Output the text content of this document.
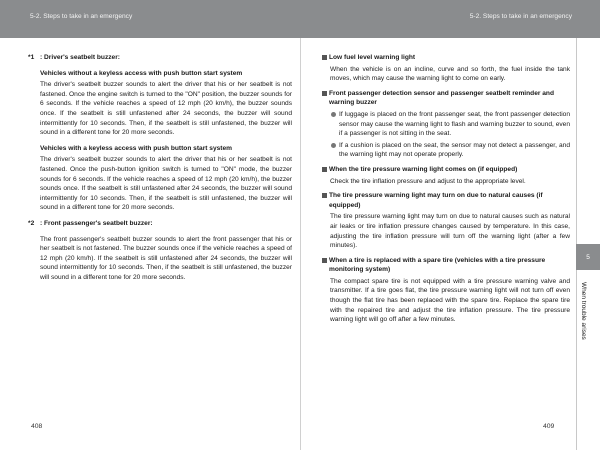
5-2. Steps to take in an emergency	5-2. Steps to take in an emergency
5
When trouble arises
*1 : Driver's seatbelt buzzer:
Vehicles without a keyless access with push button start system
The driver's seatbelt buzzer sounds to alert the driver that his or her seatbelt is not fastened. Once the engine switch is turned to the "ON" position, the buzzer sounds for 6 seconds. If the vehicle reaches a speed of 12 mph (20 km/h), the buzzer sounds once. If the seatbelt is still unfastened after 24 seconds, the buzzer will sound intermittently for 10 seconds. Then, if the seatbelt is still unfastened, the buzzer will sound in a different tone for 20 more seconds.
Vehicles with a keyless access with push button start system
The driver's seatbelt buzzer sounds to alert the driver that his or her seatbelt is not fastened. Once the push-button ignition switch is turned to "ON" mode, the buzzer sounds for 6 seconds. If the vehicle reaches a speed of 12 mph (20 km/h), the buzzer sounds once. If the seatbelt is still unfastened after 24 seconds, the buzzer will sound intermittently for 10 seconds. Then, if the seatbelt is still unfastened, the buzzer will sound in a different tone for 20 more seconds.
*2 : Front passenger's seatbelt buzzer:
The front passenger's seatbelt buzzer sounds to alert the front passenger that his or her seatbelt is not fastened. The buzzer sounds once if the vehicle reaches a speed of 12 mph (20 km/h). If the seatbelt is still unfastened after 24 seconds, the buzzer will sound intermittently for 10 seconds. Then, if the seatbelt is still unfastened, the buzzer will sound in a different tone for 20 more seconds.
Low fuel level warning light
When the vehicle is on an incline, curve and so forth, the fuel inside the tank moves, which may cause the warning light to come on early.
Front passenger detection sensor and passenger seatbelt reminder and warning buzzer
If luggage is placed on the front passenger seat, the front passenger detection sensor may cause the warning light to flash and warning buzzer to sound, even if a passenger is not sitting in the seat.
If a cushion is placed on the seat, the sensor may not detect a passenger, and the warning light may not operate properly.
When the tire pressure warning light comes on (if equipped)
Check the tire inflation pressure and adjust to the appropriate level.
The tire pressure warning light may turn on due to natural causes (if equipped)
The tire pressure warning light may turn on due to natural causes such as natural air leaks or tire inflation pressure changes caused by temperature. In this case, adjusting the tire inflation pressure will turn off the warning light (after a few minutes).
When a tire is replaced with a spare tire (vehicles with a tire pressure monitoring system)
The compact spare tire is not equipped with a tire pressure warning valve and transmitter. If a tire goes flat, the tire pressure warning light will not turn off even though the flat tire has been replaced with the spare tire. Replace the spare tire with the repaired tire and adjust the tire inflation pressure. The tire pressure warning light will go off after a few minutes.
408	409
